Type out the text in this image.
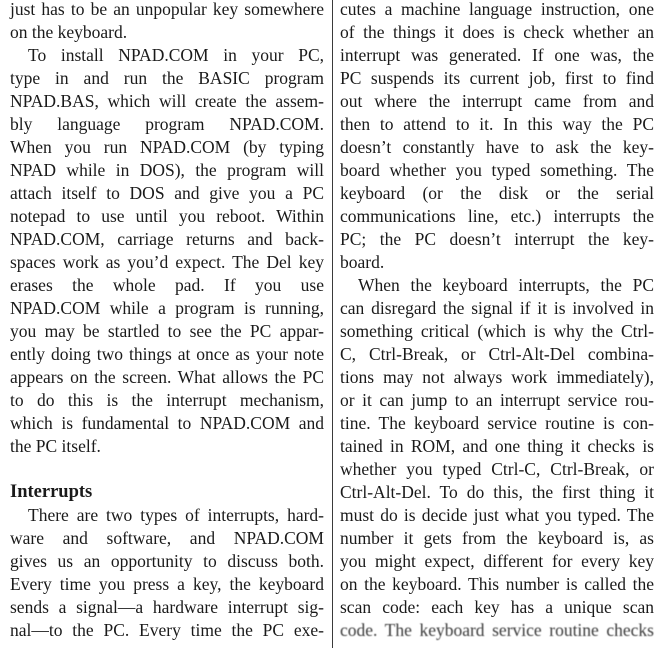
just has to be an unpopular key somewhere
on the keyboard.
To install NPAD.COM in your PC,
type in and run the BASIC program
NPAD.BAS, which will create the assem-
bly language program NPAD.COM.
When you run NPAD.COM (by typing
NPAD while in DOS), the program will
attach itself to DOS and give you a PC
notepad to use until you reboot. Within
NPAD.COM, carriage returns and back-
spaces work as you’d expect. The Del key
erases the whole pad. If you use
NPAD.COM while a program is running,
you may be startled to see the PC appar-
ently doing two things at once as your note
appears on the screen. What allows the PC
to do this is the interrupt mechanism,
which is fundamental to NPAD.COM and
the PC itself.
Interrupts
There are two types of interrupts, hard-
ware and software, and NPAD.COM
gives us an opportunity to discuss both.
Every time you press a key, the keyboard
sends a signal—a hardware interrupt sig-
nal—to the PC. Every time the PC exe-
cutes a machine language instruction, one
of the things it does is check whether an
interrupt was generated. If one was, the
PC suspends its current job, first to find
out where the interrupt came from and
then to attend to it. In this way the PC
doesn’t constantly have to ask the key-
board whether you typed something. The
keyboard (or the disk or the serial
communications line, etc.) interrupts the
PC; the PC doesn’t interrupt the key-
board.
When the keyboard interrupts, the PC
can disregard the signal if it is involved in
something critical (which is why the Ctrl-
C, Ctrl-Break, or Ctrl-Alt-Del combina-
tions may not always work immediately),
or it can jump to an interrupt service rou-
tine. The keyboard service routine is con-
tained in ROM, and one thing it checks is
whether you typed Ctrl-C, Ctrl-Break, or
Ctrl-Alt-Del. To do this, the first thing it
must do is decide just what you typed. The
number it gets from the keyboard is, as
you might expect, different for every key
on the keyboard. This number is called the
scan code: each key has a unique scan
code. The keyboard service routine checks
